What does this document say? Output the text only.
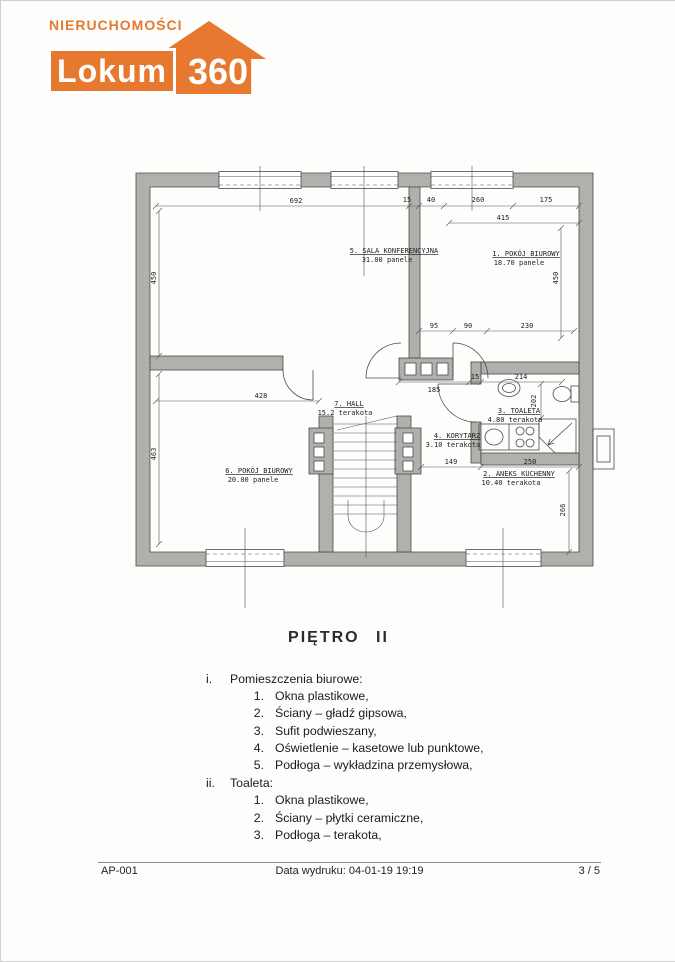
NIERUCHOMOŚCI
Lokum 360
692	15 40	260	175
415
450	450
95	90	230
185
15	214
202
428
463
149	250
266
5. SALA KONFERENCYJNA
31.00 panele
1. POKÓJ BIUROWY
18.70 panele
7. HALL
15.2 terakota
4. KORYTARZ
3.10 terakota
3. TOALETA
4.80 terakota
6. POKÓJ BIUROWY
20.00 panele
2. ANEKS KUCHENNY
10.40 terakota
PIĘTRO II
i.	Pomieszczenia biurowe:
1. Okna plastikowe,
2. Ściany – gładź gipsowa,
3. Sufit podwieszany,
4. Oświetlenie – kasetowe lub punktowe,
5. Podłoga – wykładzina przemysłowa,
ii.	Toaleta:
1. Okna plastikowe,
2. Ściany – płytki ceramiczne,
3. Podłoga – terakota,
AP-001	Data wydruku: 04-01-19 19:19	3 / 5
